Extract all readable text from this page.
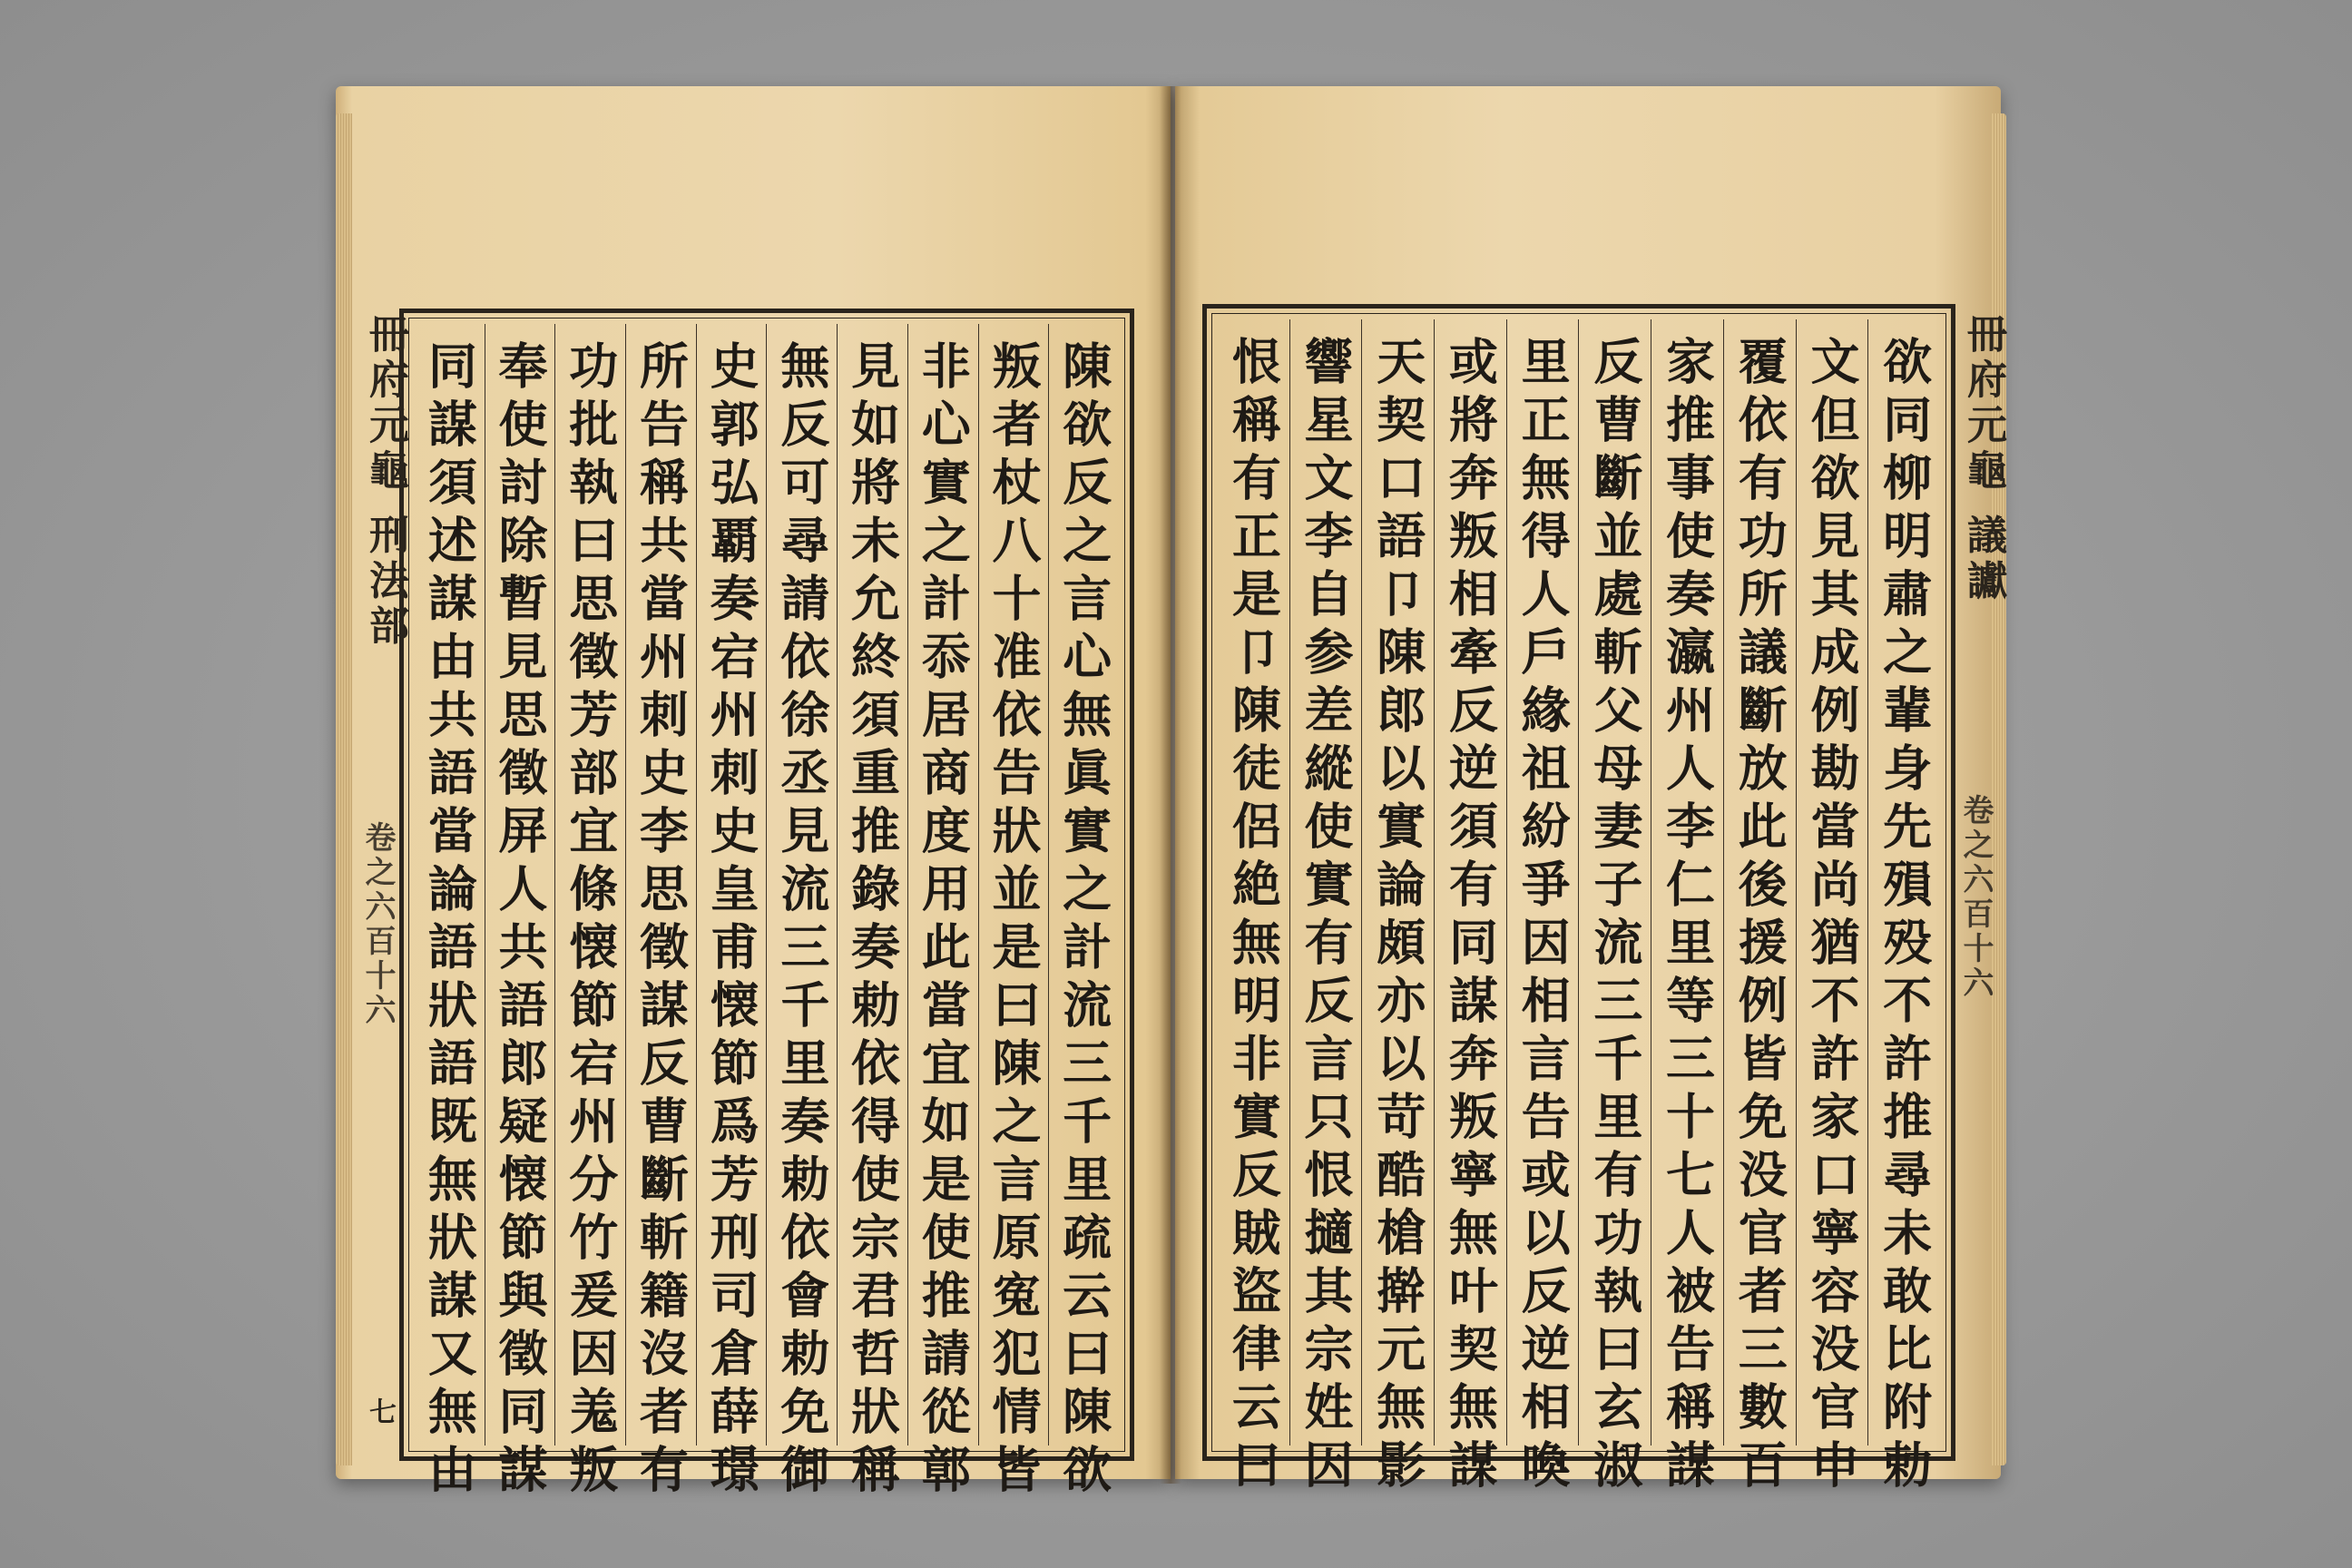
冊府元龜 刑法部
卷之六百十六
七	陳欲反之言心無眞實之計流三千里疏云曰陳欲
叛者杖八十准依告狀並是曰陳之言原寃犯情皆
非心實之計忝居商度用此當宜如是使推請從鄣
見如將未允終須重推錄奏勅依得使宗君哲狀稱
無反可尋請依徐丞見流三千里奏勅依會勅免御
史郭弘覇奏宕州刺史皇甫懐節爲芳刑司倉薛璟
所告稱共當州刺史李思徵謀反曹斷斬籍沒者有
功批執曰思徵芳部宜條懐節宕州分竹爰因羗叛
奉使討除暫見思徵屏人共語郎疑懐節與徵同謀
同謀須述謀由共語當論語狀語既無狀謀又無由	冊府元龜 議讞
卷之六百十六
欲同柳明肅之輩身先殞殁不許推尋未敢比附勅
文但欲見其成例勘當尚猶不許家口寧容没官申
覆依有功所議斷放此後援例皆免没官者三數百
家推事使奏瀛州人李仁里等三十七人被告稱謀
反曹斷並處斬父母妻子流三千里有功執曰玄淑
里正無得人戶緣祖紛爭因相言告或以反逆相喚
或將奔叛相牽反逆須有同謀奔叛寧無叶契無謀
天契口語卩陳郎以實論頗亦以苛酷槍擀元無影
響星文李自参差縱使實有反言只恨擿其宗姓因
恨稱有正是卩陳徒侶絶無明非實反賊盜律云曰
